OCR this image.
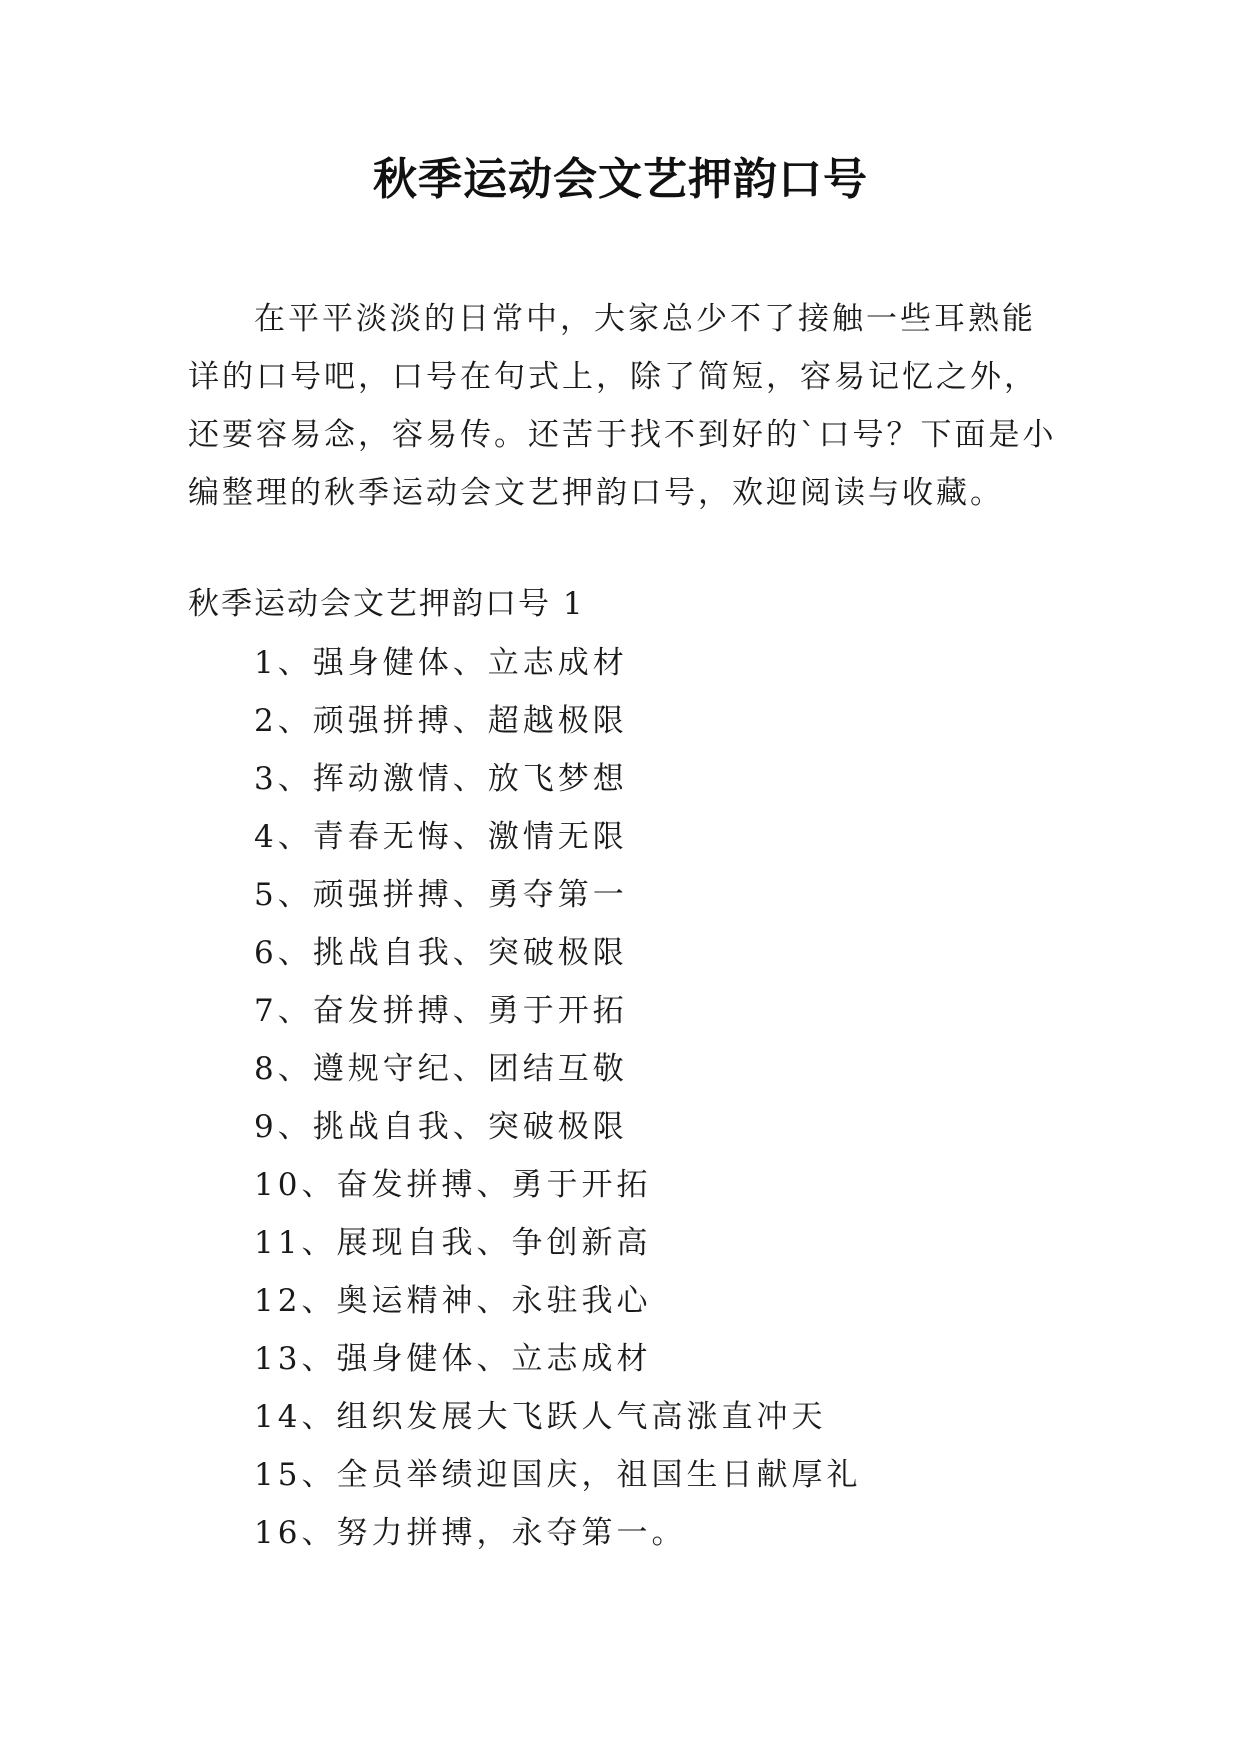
秋季运动会文艺押韵口号

在平平淡淡的日常中，大家总少不了接触一些耳熟能详的口号吧，口号在句式上，除了简短，容易记忆之外，还要容易念，容易传。还苦于找不到好的`口号？下面是小编整理的秋季运动会文艺押韵口号，欢迎阅读与收藏。

秋季运动会文艺押韵口号 1
1、强身健体、立志成材
2、顽强拼搏、超越极限
3、挥动激情、放飞梦想
4、青春无悔、激情无限
5、顽强拼搏、勇夺第一
6、挑战自我、突破极限
7、奋发拼搏、勇于开拓
8、遵规守纪、团结互敬
9、挑战自我、突破极限
10、奋发拼搏、勇于开拓
11、展现自我、争创新高
12、奥运精神、永驻我心
13、强身健体、立志成材
14、组织发展大飞跃人气高涨直冲天
15、全员举绩迎国庆，祖国生日献厚礼
16、努力拼搏，永夺第一。
